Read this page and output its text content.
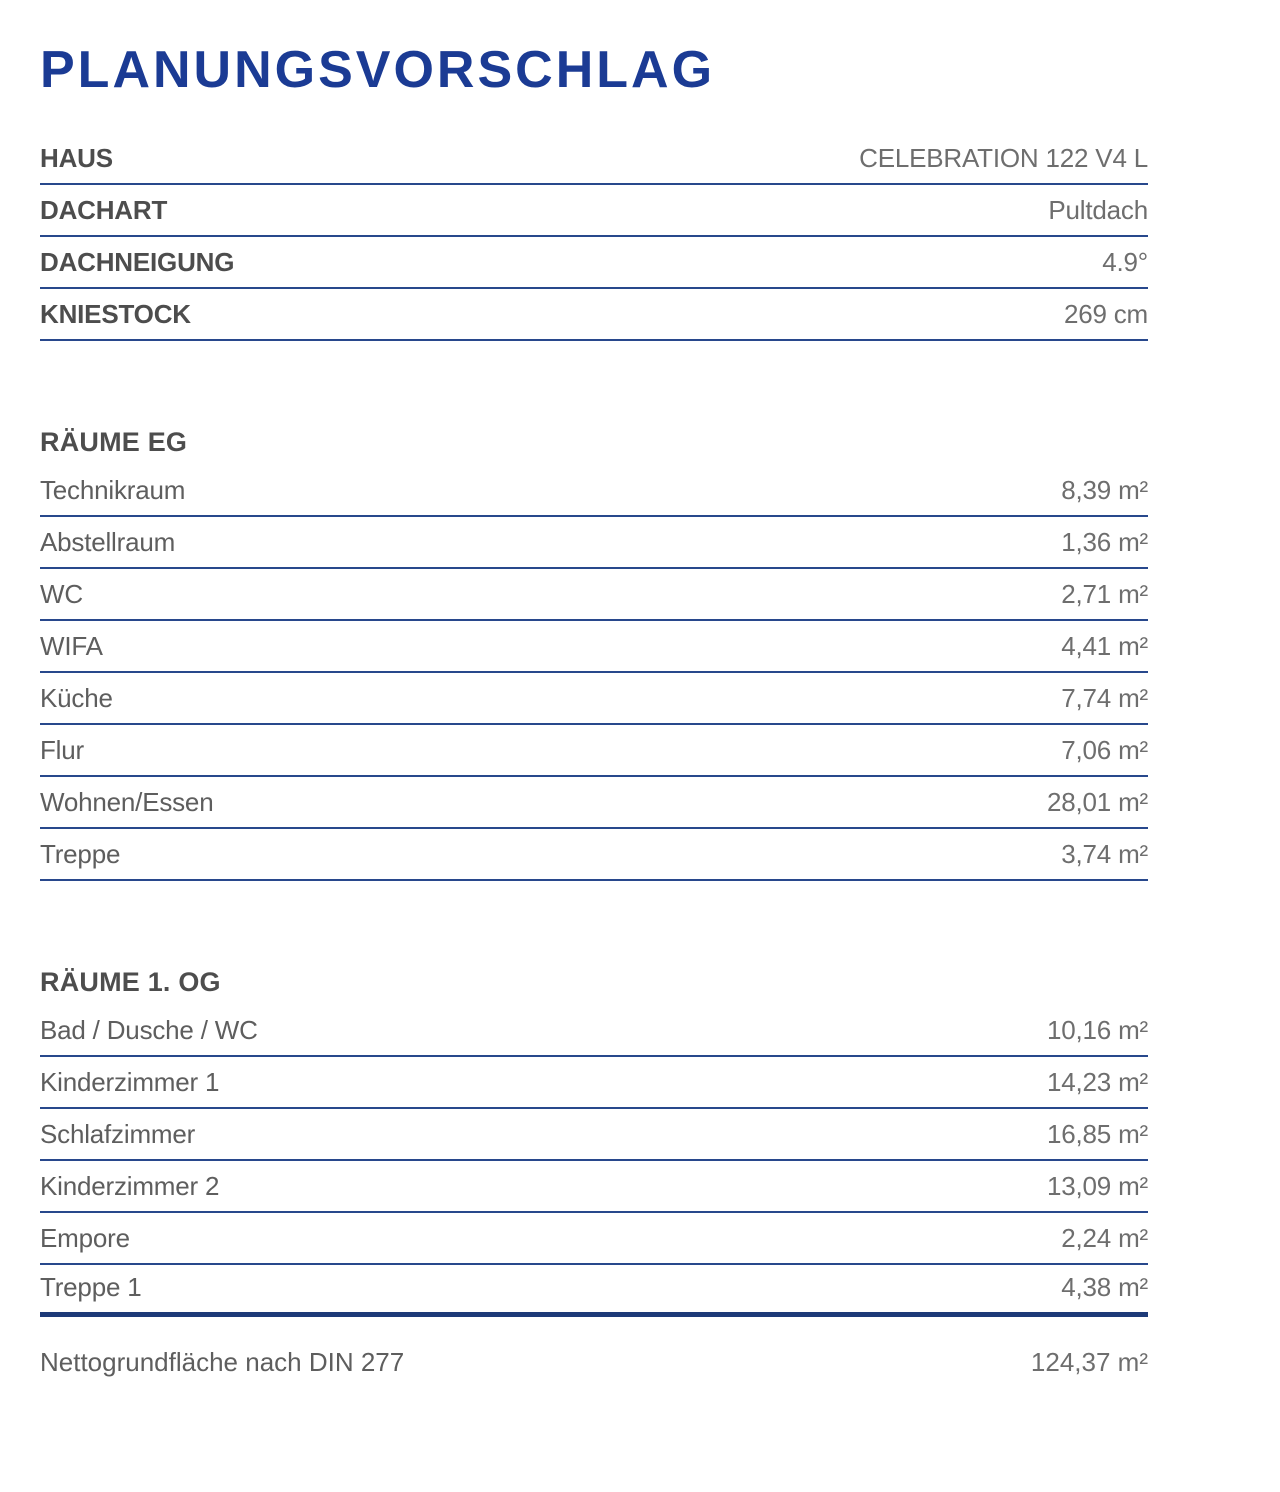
PLANUNGSVORSCHLAG
HAUS	CELEBRATION 122 V4 L
DACHART	Pultdach
DACHNEIGUNG	4.9°
KNIESTOCK	269 cm
RÄUME EG
Technikraum	8,39 m²
Abstellraum	1,36 m²
WC	2,71 m²
WIFA	4,41 m²
Küche	7,74 m²
Flur	7,06 m²
Wohnen/Essen	28,01 m²
Treppe	3,74 m²
RÄUME 1. OG
Bad / Dusche / WC	10,16 m²
Kinderzimmer 1	14,23 m²
Schlafzimmer	16,85 m²
Kinderzimmer 2	13,09 m²
Empore	2,24 m²
Treppe 1	4,38 m²
Nettogrundfläche nach DIN 277	124,37 m²
